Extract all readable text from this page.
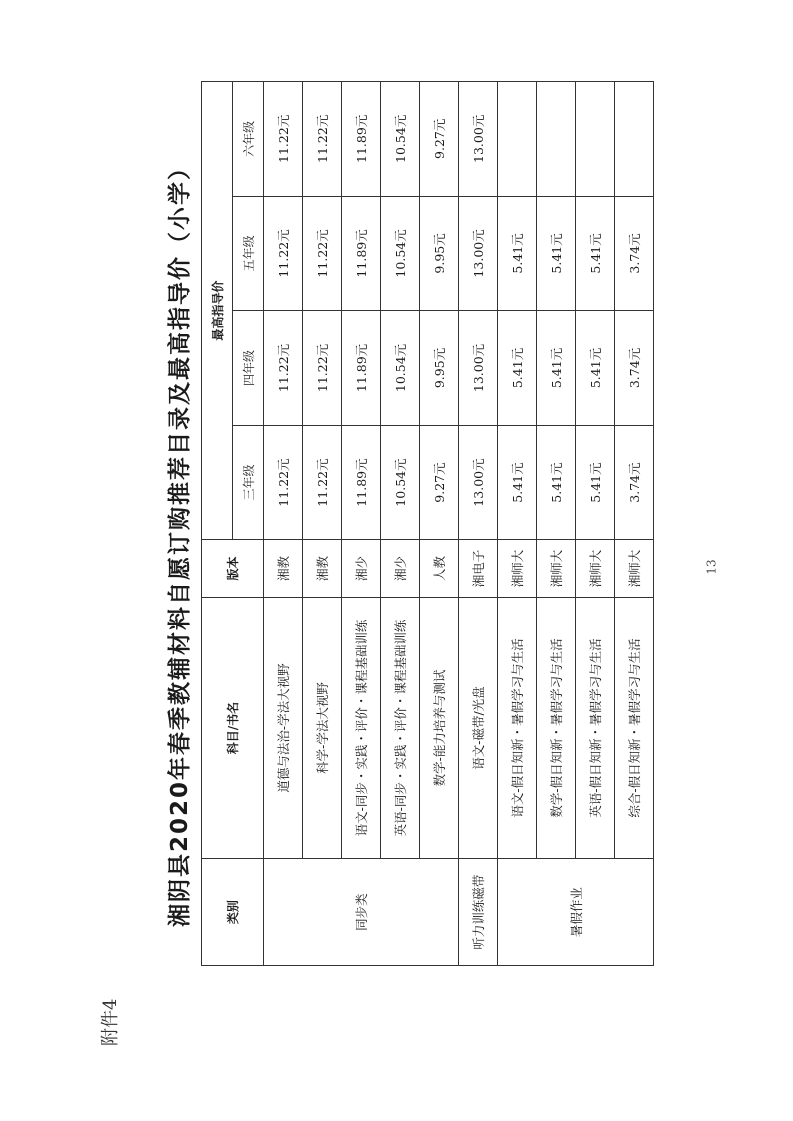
附件4
湘阴县2020年春季教辅材料自愿订购推荐目录及最高指导价（小学）	类别	科目/书名	版本	最高指导价			
			三年级	四年级	五年级	六年级
同步类	道德与法治-学法大视野	湘教	11.22元	11.22元	11.22元	11.22元
	科学-学法大视野	湘教	11.22元	11.22元	11.22元	11.22元
	语文-同步・实践・评价・课程基础训练	湘少	11.89元	11.89元	11.89元	11.89元
	英语-同步・实践・评价・课程基础训练	湘少	10.54元	10.54元	10.54元	10.54元
	数学-能力培养与测试	人教	9.27元	9.95元	9.95元	9.27元
听力训练磁带	语文-磁带/光盘	湘电子	13.00元	13.00元	13.00元	13.00元
暑假作业	语文-假日知新・暑假学习与生活	湘师大	5.41元	5.41元	5.41元	
	数学-假日知新・暑假学习与生活	湘师大	5.41元	5.41元	5.41元	
	英语-假日知新・暑假学习与生活	湘师大	5.41元	5.41元	5.41元	
	综合-假日知新・暑假学习与生活	湘师大	3.74元	3.74元	3.74元	
13
